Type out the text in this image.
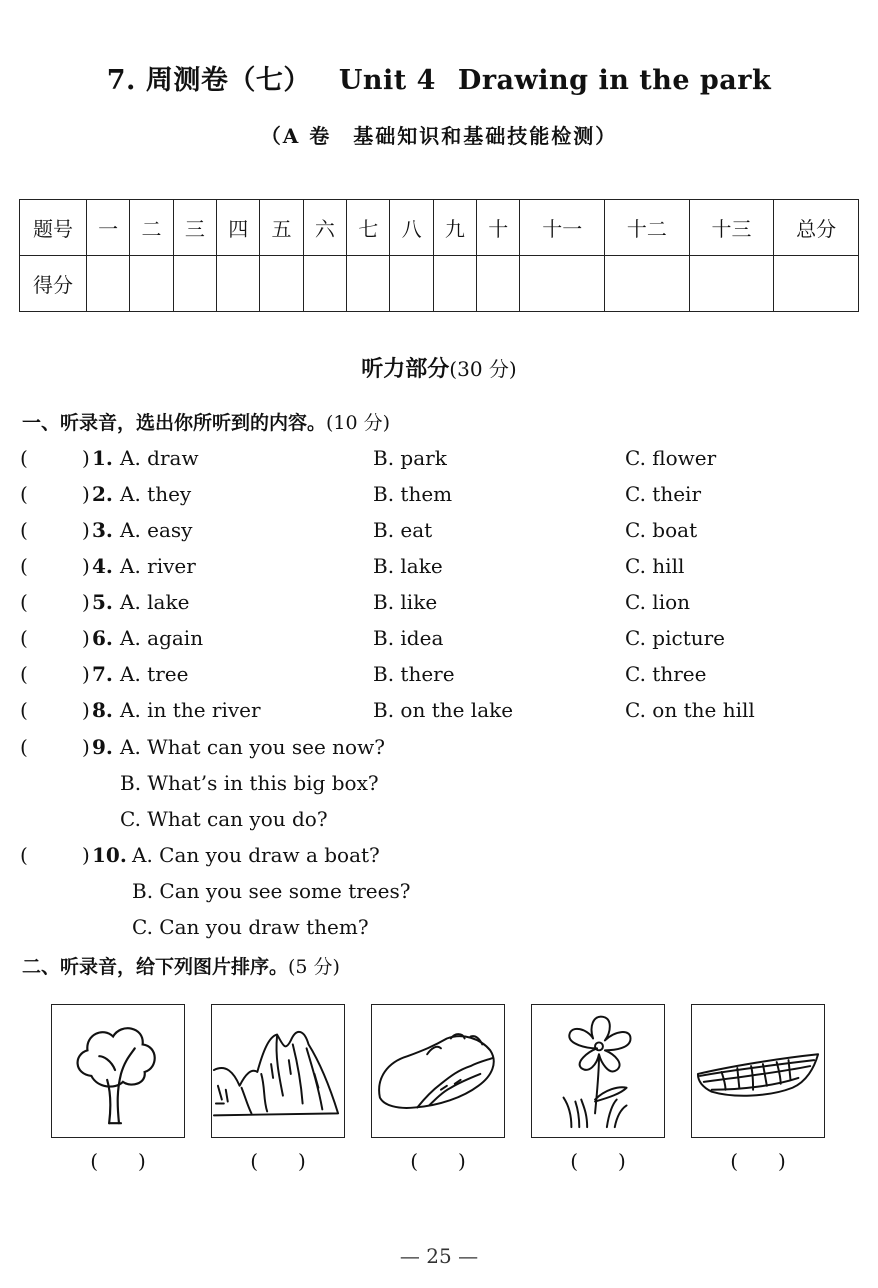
7. 周测卷（七） Unit 4 Drawing in the park
（A 卷　基础知识和基础技能检测）
题号	一	二	三	四	五	六	七	八	九	十	十一	十二	十三	总分
得分														
听力部分(30 分)
一、听录音，选出你所听到的内容。(10 分)
(	) 1. A. draw	B. park	C. flower
(	) 2. A. they	B. them	C. their
(	) 3. A. easy	B. eat	C. boat
(	) 4. A. river	B. lake	C. hill
(	) 5. A. lake	B. like	C. lion
(	) 6. A. again	B. idea	C. picture
(	) 7. A. tree	B. there	C. three
(	) 8. A. in the river	B. on the lake	C. on the hill
(	) 9. A. What can you see now?
B. What’s in this big box?
C. What can you do?
(	) 10. A. Can you draw a boat?
B. Can you see some trees?
C. Can you draw them?
二、听录音，给下列图片排序。(5 分)
(　　)	(　　)	(　　)	(　　)	(　　)
— 25 —
